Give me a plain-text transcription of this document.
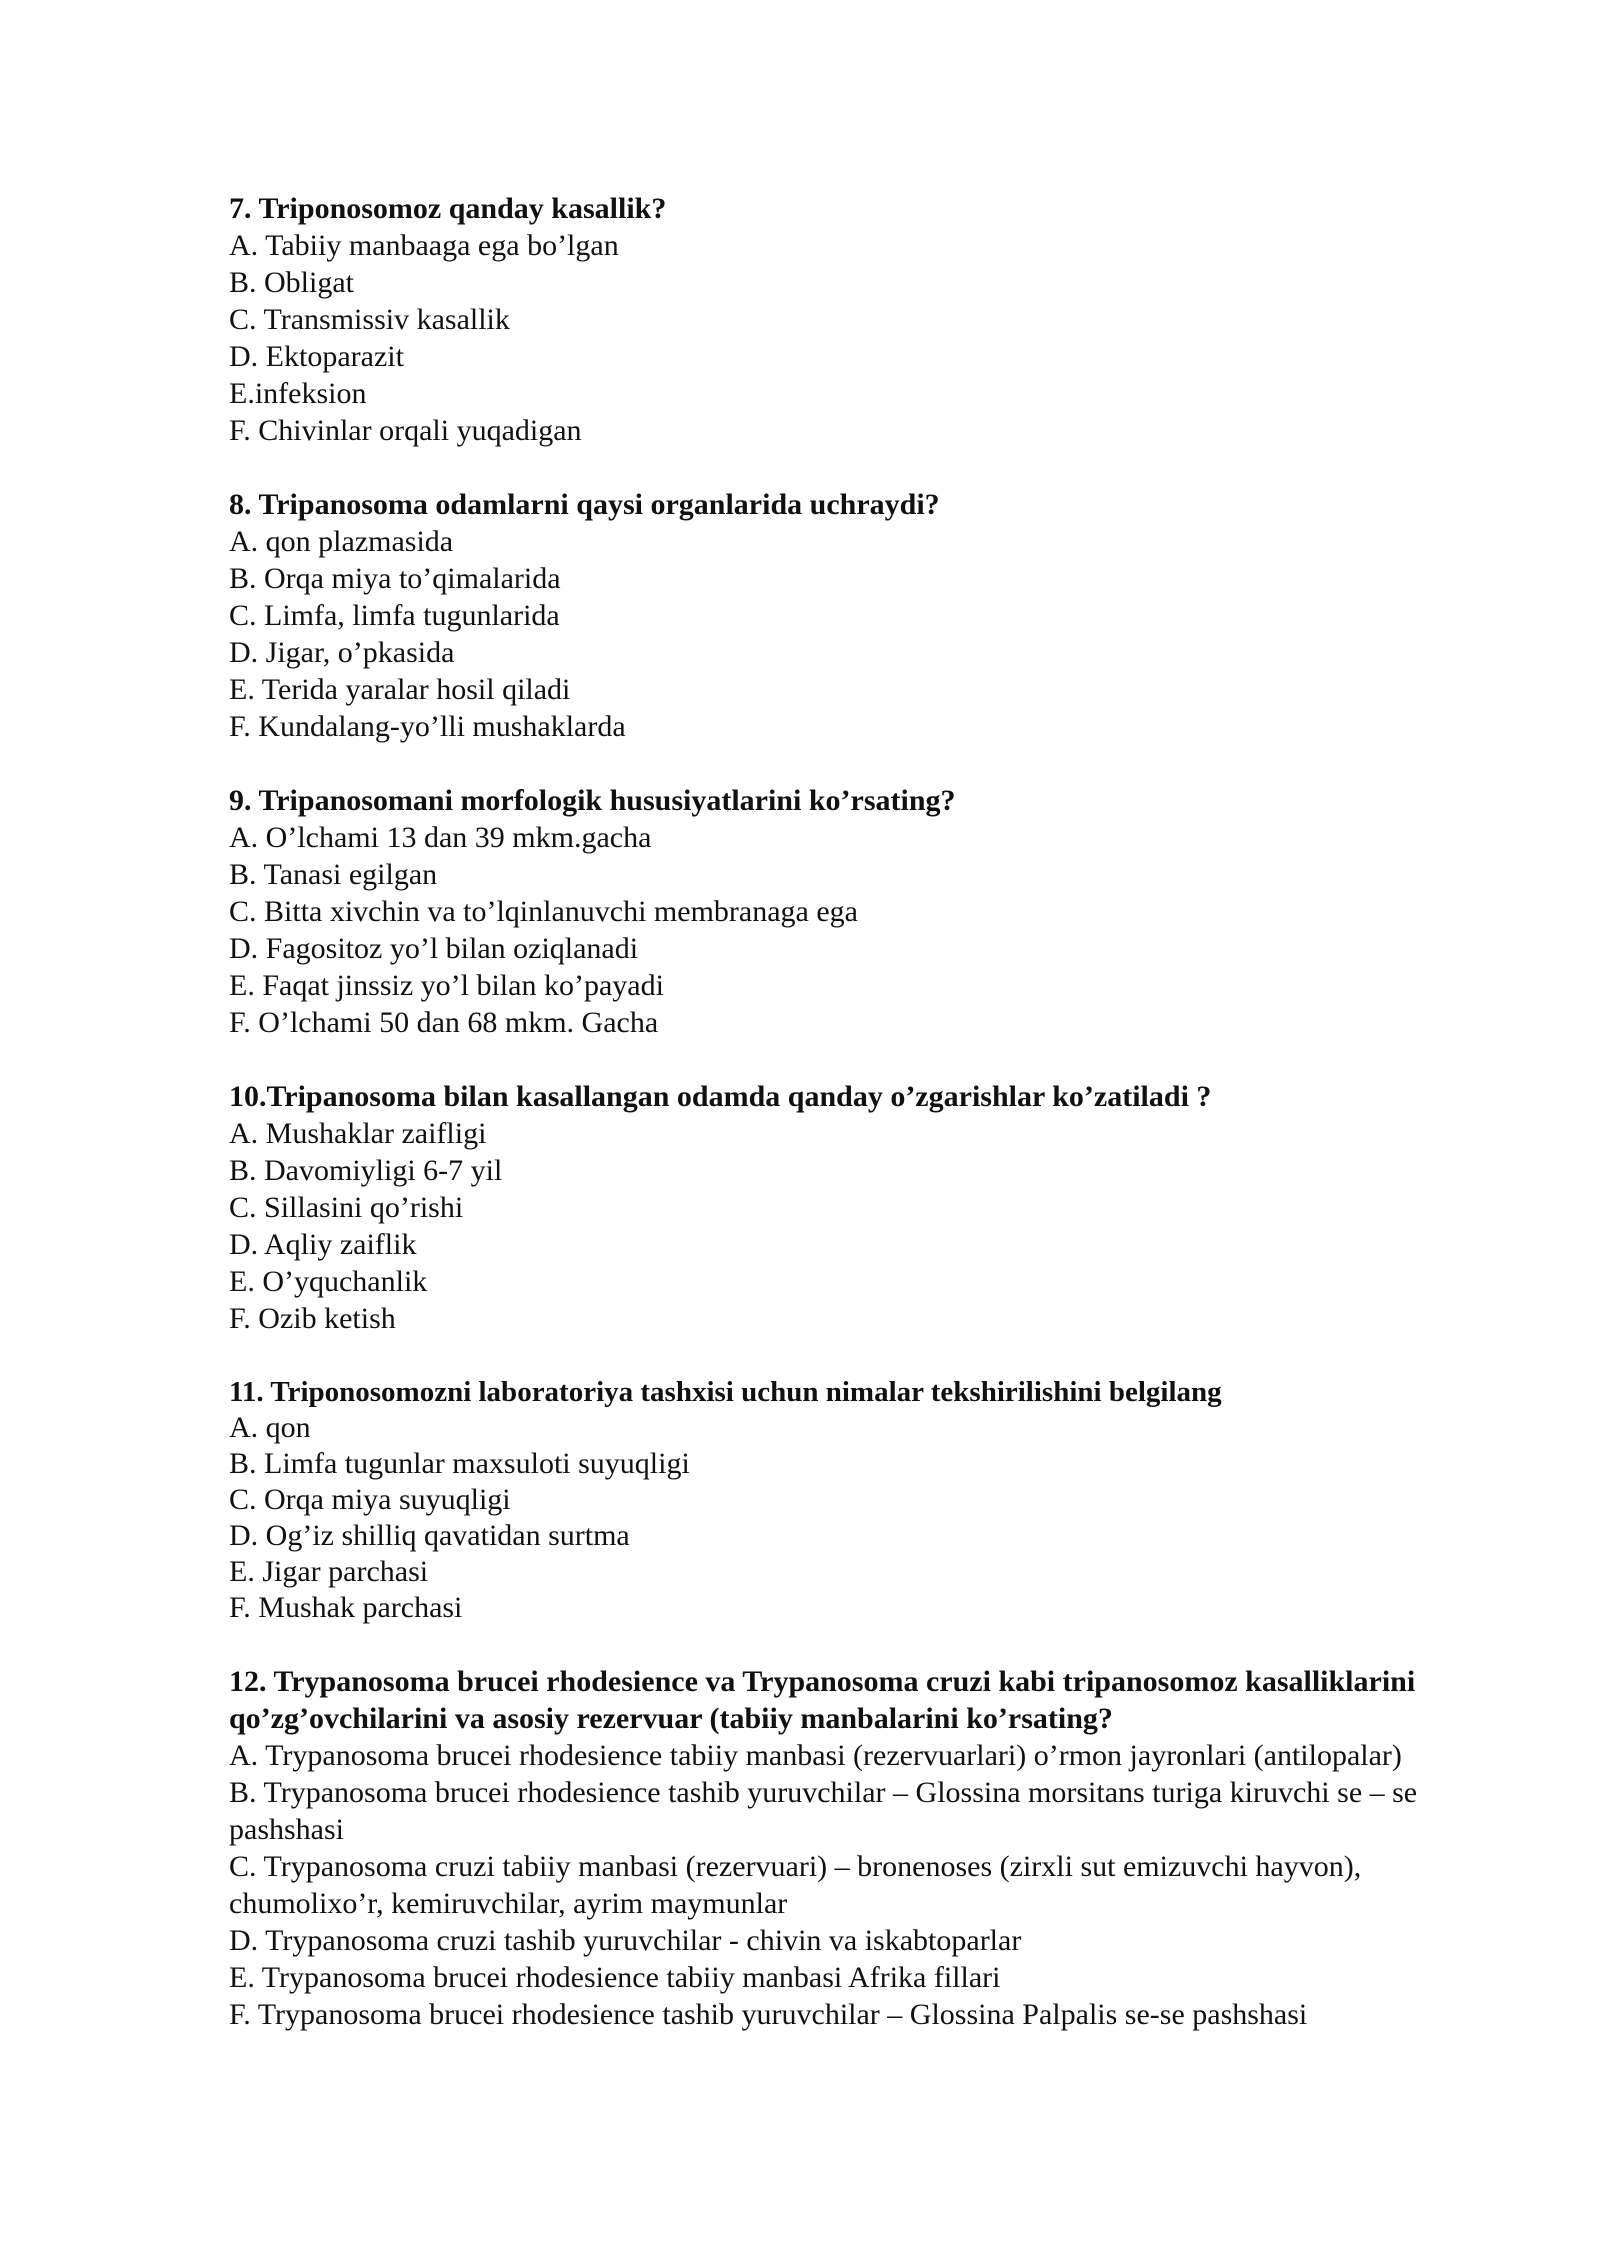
7. Triponosomoz qanday kasallik?

A. Tabiiy manbaaga ega bo’lgan

B. Obligat

C. Transmissiv kasallik

D. Ektoparazit

E.infeksion

F. Chivinlar orqali yuqadigan

8. Tripanosoma odamlarni qaysi organlarida uchraydi?

A. qon plazmasida

B. Orqa miya to’qimalarida

C. Limfa, limfa tugunlarida

D. Jigar, o’pkasida

E. Terida yaralar hosil qiladi

F. Kundalang-yo’lli mushaklarda

9. Tripanosomani morfologik hususiyatlarini ko’rsating?

A. O’lchami 13 dan 39 mkm.gacha

B. Tanasi egilgan

C. Bitta xivchin va to’lqinlanuvchi membranaga ega

D. Fagositoz yo’l bilan oziqlanadi

E. Faqat jinssiz yo’l bilan ko’payadi

F. O’lchami 50 dan 68 mkm. Gacha

10.Tripanosoma bilan kasallangan odamda qanday o’zgarishlar ko’zatiladi ?

A. Mushaklar zaifligi

B. Davomiyligi 6-7 yil

C. Sillasini qo’rishi

D. Aqliy zaiflik

E. O’yquchanlik

F. Ozib ketish

11. Triponosomozni laboratoriya tashxisi uchun nimalar tekshirilishini belgilang

A. qon

B. Limfa tugunlar maxsuloti suyuqligi

C. Orqa miya suyuqligi

D. Og’iz shilliq qavatidan surtma

E. Jigar parchasi

F. Mushak parchasi

12. Trypanosoma brucei rhodesience va Trypanosoma cruzi kabi tripanosomoz kasalliklarini qo’zg’ovchilarini va asosiy rezervuar (tabiiy manbalarini ko’rsating?

A. Trypanosoma brucei rhodesience tabiiy manbasi (rezervuarlari) o’rmon jayronlari (antilopalar)

B. Trypanosoma brucei rhodesience tashib yuruvchilar – Glossina morsitans turiga kiruvchi se – se pashshasi

C. Trypanosoma cruzi tabiiy manbasi (rezervuari) – bronenoses (zirxli sut emizuvchi hayvon), chumolixo’r, kemiruvchilar, ayrim maymunlar

D. Trypanosoma cruzi tashib yuruvchilar - chivin va iskabtoparlar

E. Trypanosoma brucei rhodesience tabiiy manbasi Afrika fillari

F. Trypanosoma brucei rhodesience tashib yuruvchilar – Glossina Palpalis se-se pashshasi
